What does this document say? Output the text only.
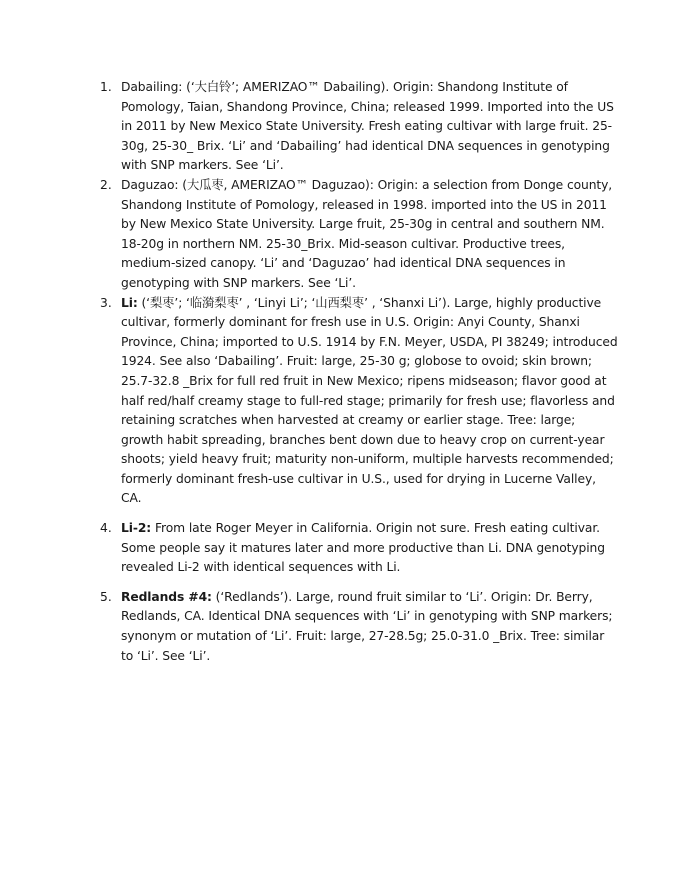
1. Dabailing: (‘大白铃’; AMERIZAO™ Dabailing). Origin: Shandong Institute of Pomology, Taian, Shandong Province, China; released 1999. Imported into the US in 2011 by New Mexico State University. Fresh eating cultivar with large fruit. 25-30g, 25-30_ Brix. ‘Li’ and ‘Dabailing’ had identical DNA sequences in genotyping with SNP markers. See ‘Li’.
2. Daguzao: (大瓜枣, AMERIZAO™ Daguzao): Origin: a selection from Donge county, Shandong Institute of Pomology, released in 1998. imported into the US in 2011 by New Mexico State University. Large fruit, 25-30g in central and southern NM. 18-20g in northern NM. 25-30_Brix. Mid-season cultivar. Productive trees, medium-sized canopy. ‘Li’ and ‘Daguzao’ had identical DNA sequences in genotyping with SNP markers. See ‘Li’.
3. Li: (‘梨枣’; ‘临漪梨枣’ , ‘Linyi Li’; ‘山西梨枣’ , ‘Shanxi Li’). Large, highly productive cultivar, formerly dominant for fresh use in U.S. Origin: Anyi County, Shanxi Province, China; imported to U.S. 1914 by F.N. Meyer, USDA, PI 38249; introduced 1924. See also ‘Dabailing’. Fruit: large, 25-30 g; globose to ovoid; skin brown; 25.7-32.8 _Brix for full red fruit in New Mexico; ripens midseason; flavor good at half red/half creamy stage to full-red stage; primarily for fresh use; flavorless and retaining scratches when harvested at creamy or earlier stage. Tree: large; growth habit spreading, branches bent down due to heavy crop on current-year shoots; yield heavy fruit; maturity non-uniform, multiple harvests recommended; formerly dominant fresh-use cultivar in U.S., used for drying in Lucerne Valley, CA.
4. Li-2: From late Roger Meyer in California. Origin not sure. Fresh eating cultivar. Some people say it matures later and more productive than Li. DNA genotyping revealed Li-2 with identical sequences with Li.
5. Redlands #4: (‘Redlands’). Large, round fruit similar to ‘Li’. Origin: Dr. Berry, Redlands, CA. Identical DNA sequences with ‘Li’ in genotyping with SNP markers; synonym or mutation of ‘Li’. Fruit: large, 27-28.5g; 25.0-31.0 _Brix. Tree: similar to ‘Li’. See ‘Li’.
